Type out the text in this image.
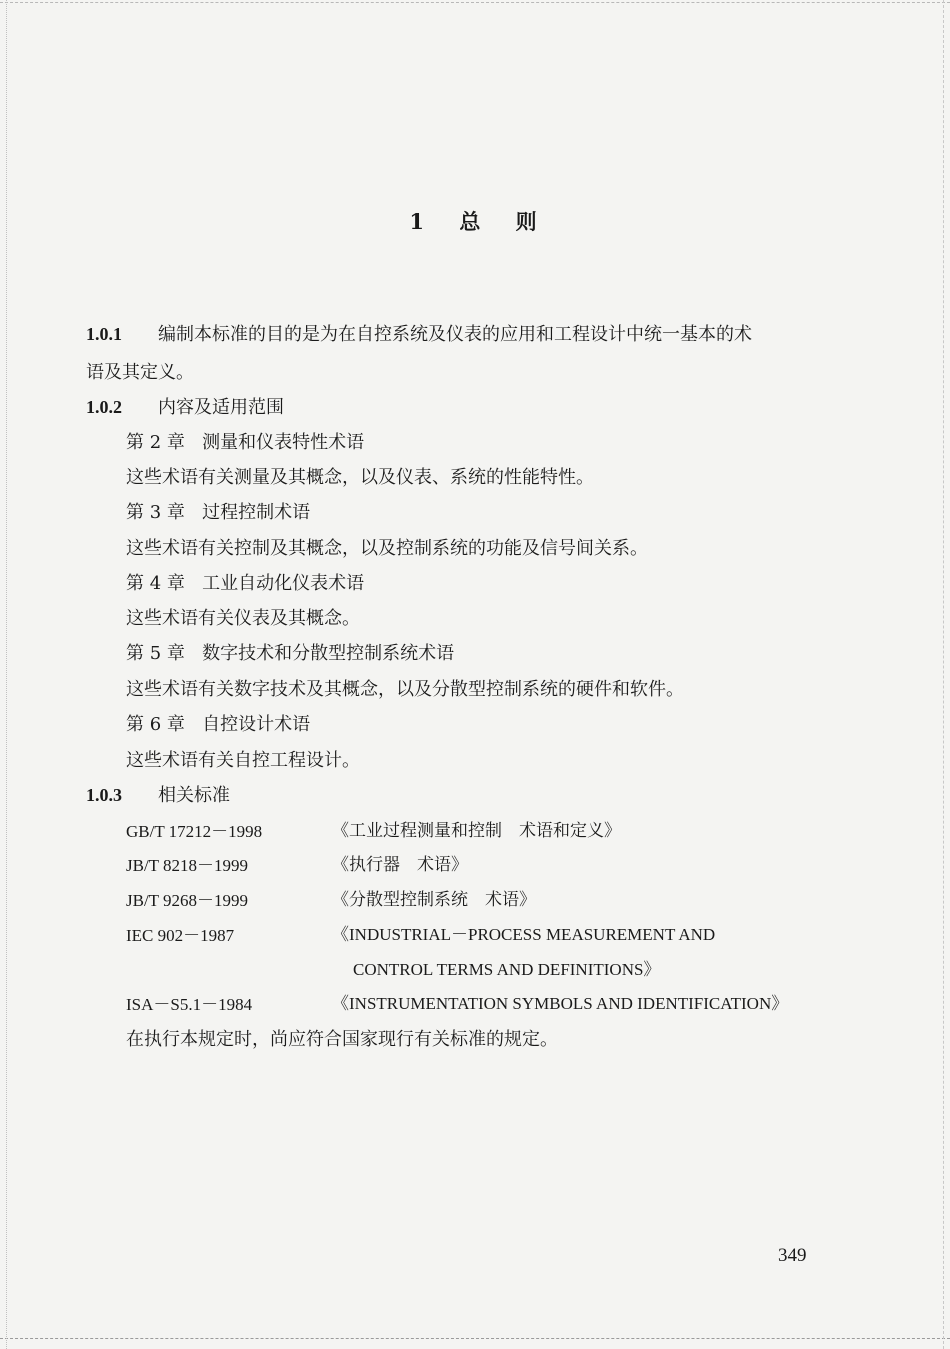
1 总 则
1.0.1 编制本标准的目的是为在自控系统及仪表的应用和工程设计中统一基本的术
语及其定义。
1.0.2 内容及适用范围
第 2 章 测量和仪表特性术语
这些术语有关测量及其概念，以及仪表、系统的性能特性。
第 3 章 过程控制术语
这些术语有关控制及其概念，以及控制系统的功能及信号间关系。
第 4 章 工业自动化仪表术语
这些术语有关仪表及其概念。
第 5 章 数字技术和分散型控制系统术语
这些术语有关数字技术及其概念，以及分散型控制系统的硬件和软件。
第 6 章 自控设计术语
这些术语有关自控工程设计。
1.0.3 相关标准
GB/T 17212－1998	《工业过程测量和控制　术语和定义》
JB/T 8218－1999	《执行器　术语》
JB/T 9268－1999	《分散型控制系统　术语》
IEC 902－1987	《INDUSTRIAL－PROCESS MEASUREMENT AND
CONTROL TERMS AND DEFINITIONS》
ISA－S5.1－1984	《INSTRUMENTATION SYMBOLS AND IDENTIFICATION》
在执行本规定时，尚应符合国家现行有关标准的规定。
349
